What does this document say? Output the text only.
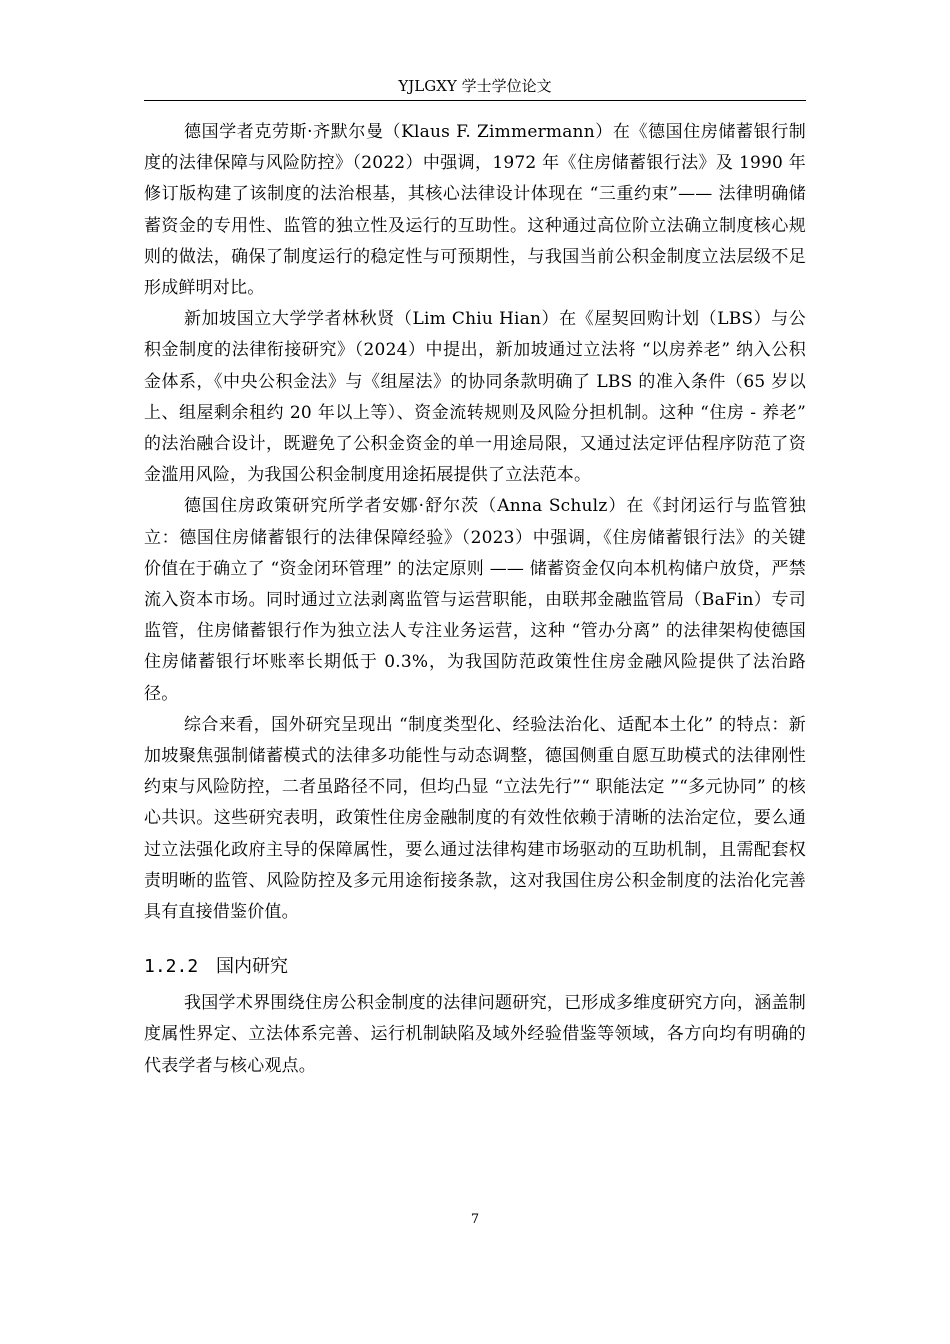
YJLGXY 学士学位论文

德国学者克劳斯·齐默尔曼（Klaus F. Zimmermann）在《德国住房储蓄银行制度的法律保障与风险防控》（2022）中强调，1972 年《住房储蓄银行法》及 1990 年修订版构建了该制度的法治根基，其核心法律设计体现在 “三重约束”—— 法律明确储蓄资金的专用性、监管的独立性及运行的互助性。这种通过高位阶立法确立制度核心规则的做法，确保了制度运行的稳定性与可预期性，与我国当前公积金制度立法层级不足形成鲜明对比。

新加坡国立大学学者林秋贤（Lim Chiu Hian）在《屋契回购计划（LBS）与公积金制度的法律衔接研究》（2024）中提出，新加坡通过立法将 “以房养老” 纳入公积金体系，《中央公积金法》与《组屋法》的协同条款明确了 LBS 的准入条件（65 岁以上、组屋剩余租约 20 年以上等）、资金流转规则及风险分担机制。这种 “住房 - 养老” 的法治融合设计，既避免了公积金资金的单一用途局限，又通过法定评估程序防范了资金滥用风险，为我国公积金制度用途拓展提供了立法范本。

德国住房政策研究所学者安娜·舒尔茨（Anna Schulz）在《封闭运行与监管独立：德国住房储蓄银行的法律保障经验》（2023）中强调，《住房储蓄银行法》的关键价值在于确立了 “资金闭环管理” 的法定原则 —— 储蓄资金仅向本机构储户放贷，严禁流入资本市场。同时通过立法剥离监管与运营职能，由联邦金融监管局（BaFin）专司监管，住房储蓄银行作为独立法人专注业务运营，这种 “管办分离” 的法律架构使德国住房储蓄银行坏账率长期低于 0.3%，为我国防范政策性住房金融风险提供了法治路径。

综合来看，国外研究呈现出 “制度类型化、经验法治化、适配本土化” 的特点：新加坡聚焦强制储蓄模式的法律多功能性与动态调整，德国侧重自愿互助模式的法律刚性约束与风险防控，二者虽路径不同，但均凸显 “立法先行”“ 职能法定 ”“多元协同” 的核心共识。这些研究表明，政策性住房金融制度的有效性依赖于清晰的法治定位，要么通过立法强化政府主导的保障属性，要么通过法律构建市场驱动的互助机制，且需配套权责明晰的监管、风险防控及多元用途衔接条款，这对我国住房公积金制度的法治化完善具有直接借鉴价值。

1.2.2 国内研究

我国学术界围绕住房公积金制度的法律问题研究，已形成多维度研究方向，涵盖制度属性界定、立法体系完善、运行机制缺陷及域外经验借鉴等领域，各方向均有明确的代表学者与核心观点。

7
